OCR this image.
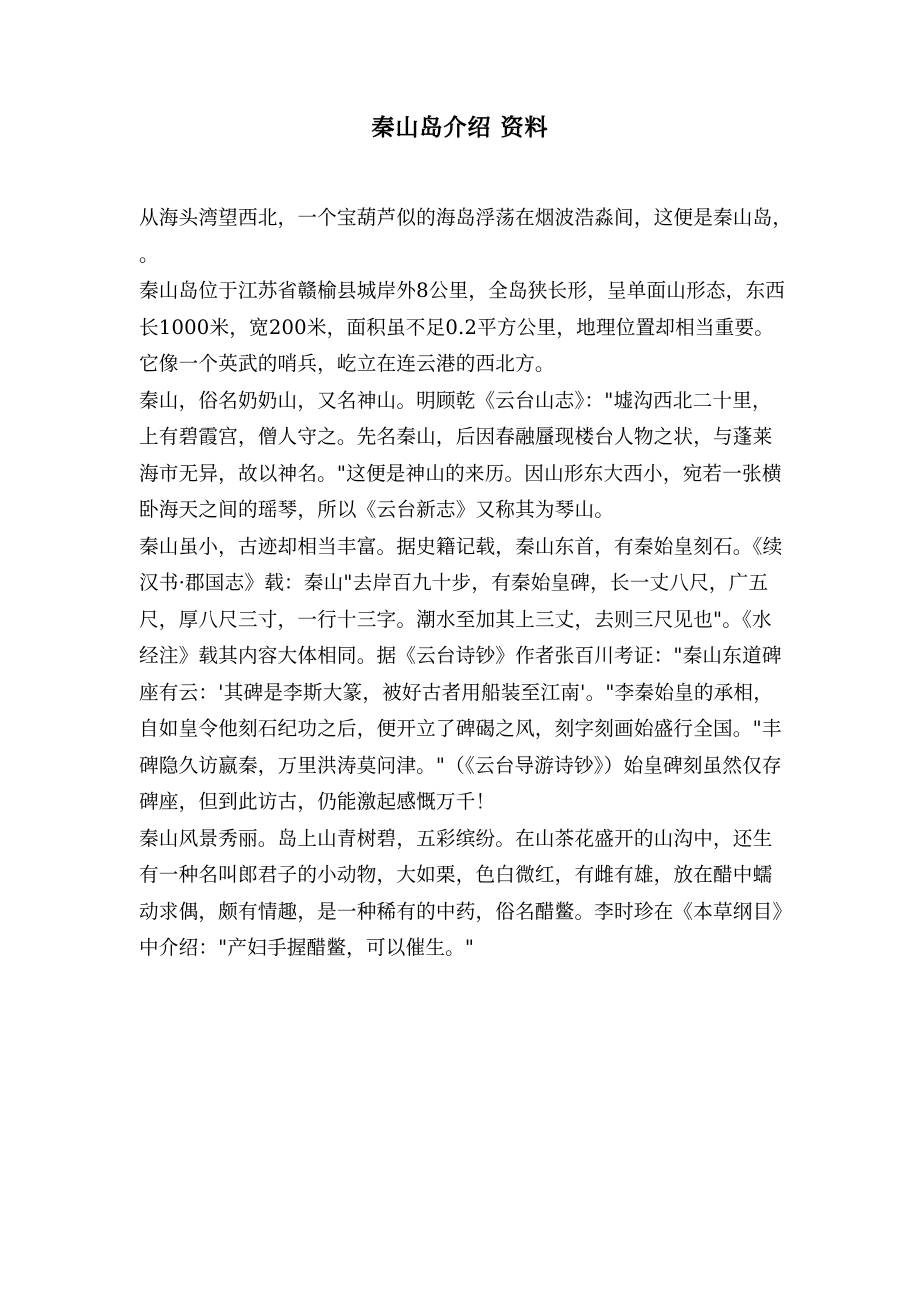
秦山岛介绍 资料

从海头湾望西北，一个宝葫芦似的海岛浮荡在烟波浩淼间，这便是秦山岛，　。

秦山岛位于江苏省赣榆县城岸外8公里，全岛狭长形，呈单面山形态，东西长1000米，宽200米，面积虽不足0.2平方公里，地理位置却相当重要。它像一个英武的哨兵，屹立在连云港的西北方。

秦山，俗名奶奶山，又名神山。明顾乾《云台山志》："墟沟西北二十里，上有碧霞宫，僧人守之。先名秦山，后因春融蜃现楼台人物之状，与蓬莱海市无异，故以神名。"这便是神山的来历。因山形东大西小，宛若一张横卧海天之间的瑶琴，所以《云台新志》又称其为琴山。

秦山虽小，古迹却相当丰富。据史籍记载，秦山东首，有秦始皇刻石。《续汉书·郡国志》载：秦山"去岸百九十步，有秦始皇碑，长一丈八尺，广五尺，厚八尺三寸，一行十三字。潮水至加其上三丈，去则三尺见也"。《水经注》载其内容大体相同。据《云台诗钞》作者张百川考证："秦山东道碑座有云：'其碑是李斯大篆，被好古者用船装至江南'。"李秦始皇的承相，自如皇令他刻石纪功之后，便开立了碑碣之风，刻字刻画始盛行全国。"丰碑隐久访嬴秦，万里洪涛莫问津。"（《云台导游诗钞》）始皇碑刻虽然仅存碑座，但到此访古，仍能激起感慨万千！

秦山风景秀丽。岛上山青树碧，五彩缤纷。在山茶花盛开的山沟中，还生有一种名叫郎君子的小动物，大如栗，色白微红，有雌有雄，放在醋中蠕动求偶，颇有情趣，是一种稀有的中药，俗名醋鳖。李时珍在《本草纲目》中介绍："产妇手握醋鳖，可以催生。"
